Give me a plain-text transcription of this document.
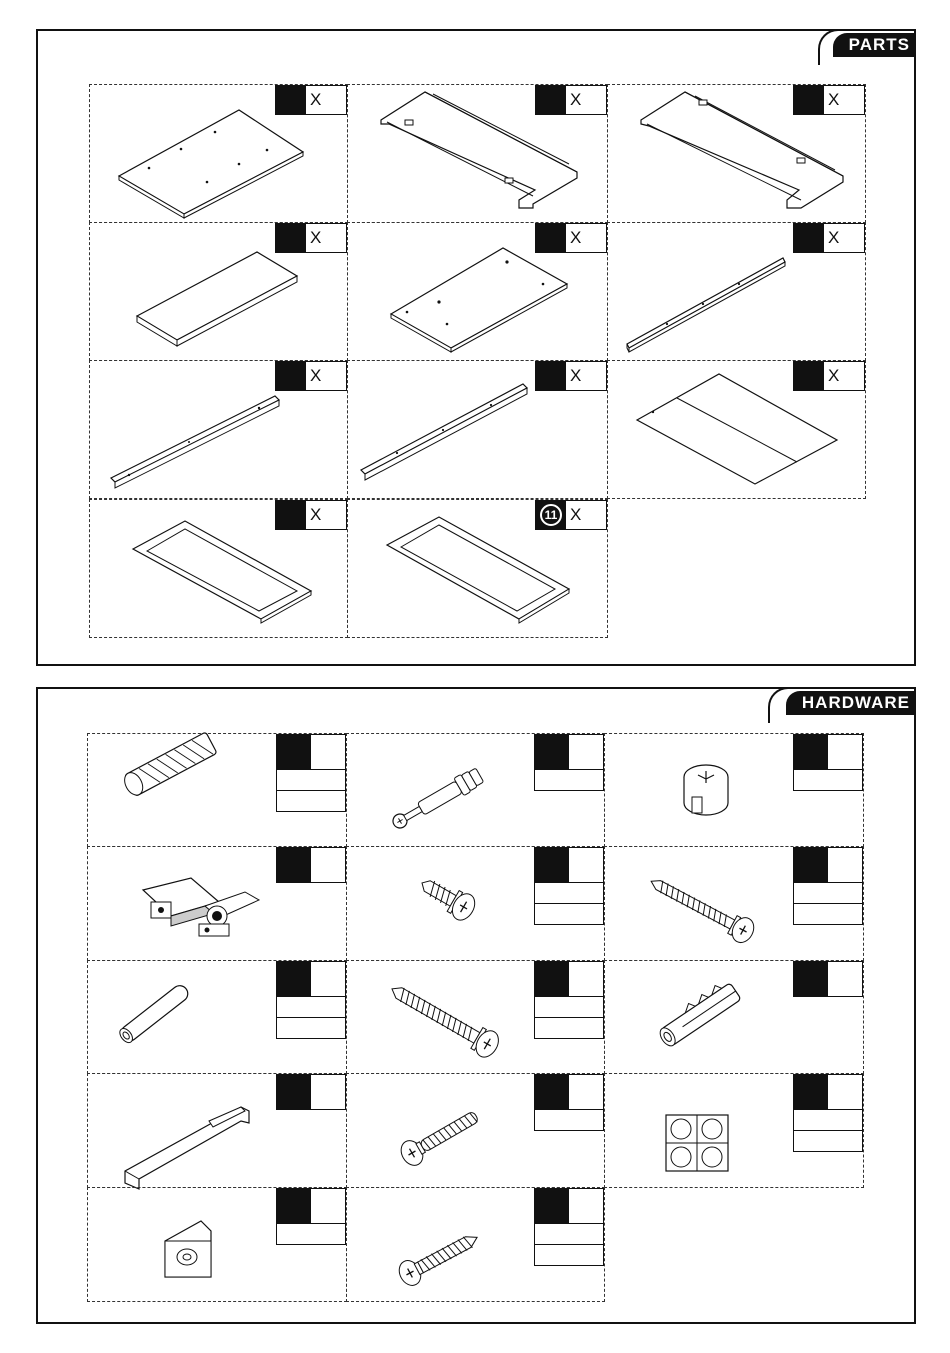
PARTS
HARDWARE
X	X	X
X	X	X
X	X	X
X	11 X
